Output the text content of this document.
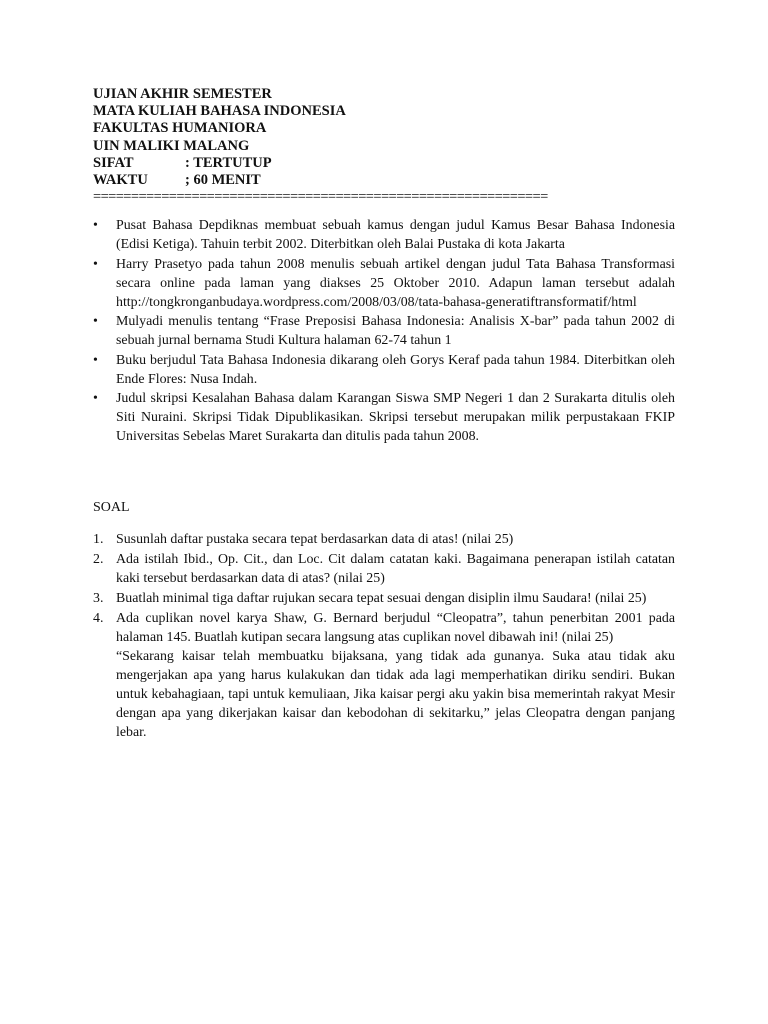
UJIAN AKHIR SEMESTER
MATA KULIAH BAHASA INDONESIA
FAKULTAS HUMANIORA
UIN MALIKI MALANG
SIFAT	: TERTUTUP
WAKTU	; 60 MENIT
============================================================
• Pusat Bahasa Depdiknas membuat sebuah kamus dengan judul Kamus Besar Bahasa Indonesia (Edisi Ketiga). Tahuin terbit 2002. Diterbitkan oleh Balai Pustaka di kota Jakarta
• Harry Prasetyo pada tahun 2008 menulis sebuah artikel dengan judul Tata Bahasa Transformasi secara online pada laman yang diakses 25 Oktober 2010. Adapun laman tersebut adalah http://tongkronganbudaya.wordpress.com/2008/03/08/tata-bahasa-generatiftransformatif/html
• Mulyadi menulis tentang “Frase Preposisi Bahasa Indonesia: Analisis X-bar” pada tahun 2002 di sebuah jurnal bernama Studi Kultura halaman 62-74 tahun 1
• Buku berjudul Tata Bahasa Indonesia dikarang oleh Gorys Keraf pada tahun 1984. Diterbitkan oleh Ende Flores: Nusa Indah.
• Judul skripsi Kesalahan Bahasa dalam Karangan Siswa SMP Negeri 1 dan 2 Surakarta ditulis oleh Siti Nuraini. Skripsi Tidak Dipublikasikan. Skripsi tersebut merupakan milik perpustakaan FKIP Universitas Sebelas Maret Surakarta dan ditulis pada tahun 2008.
SOAL
1. Susunlah daftar pustaka secara tepat berdasarkan data di atas! (nilai 25)
2. Ada istilah Ibid., Op. Cit., dan Loc. Cit dalam catatan kaki. Bagaimana penerapan istilah catatan kaki tersebut berdasarkan data di atas? (nilai 25)
3. Buatlah minimal tiga daftar rujukan secara tepat sesuai dengan disiplin ilmu Saudara! (nilai 25)
4. Ada cuplikan novel karya Shaw, G. Bernard berjudul “Cleopatra”, tahun penerbitan 2001 pada halaman 145. Buatlah kutipan secara langsung atas cuplikan novel dibawah ini! (nilai 25)
“Sekarang kaisar telah membuatku bijaksana, yang tidak ada gunanya. Suka atau tidak aku mengerjakan apa yang harus kulakukan dan tidak ada lagi memperhatikan diriku sendiri. Bukan untuk kebahagiaan, tapi untuk kemuliaan, Jika kaisar pergi aku yakin bisa memerintah rakyat Mesir dengan apa yang dikerjakan kaisar dan kebodohan di sekitarku,” jelas Cleopatra dengan panjang lebar.
